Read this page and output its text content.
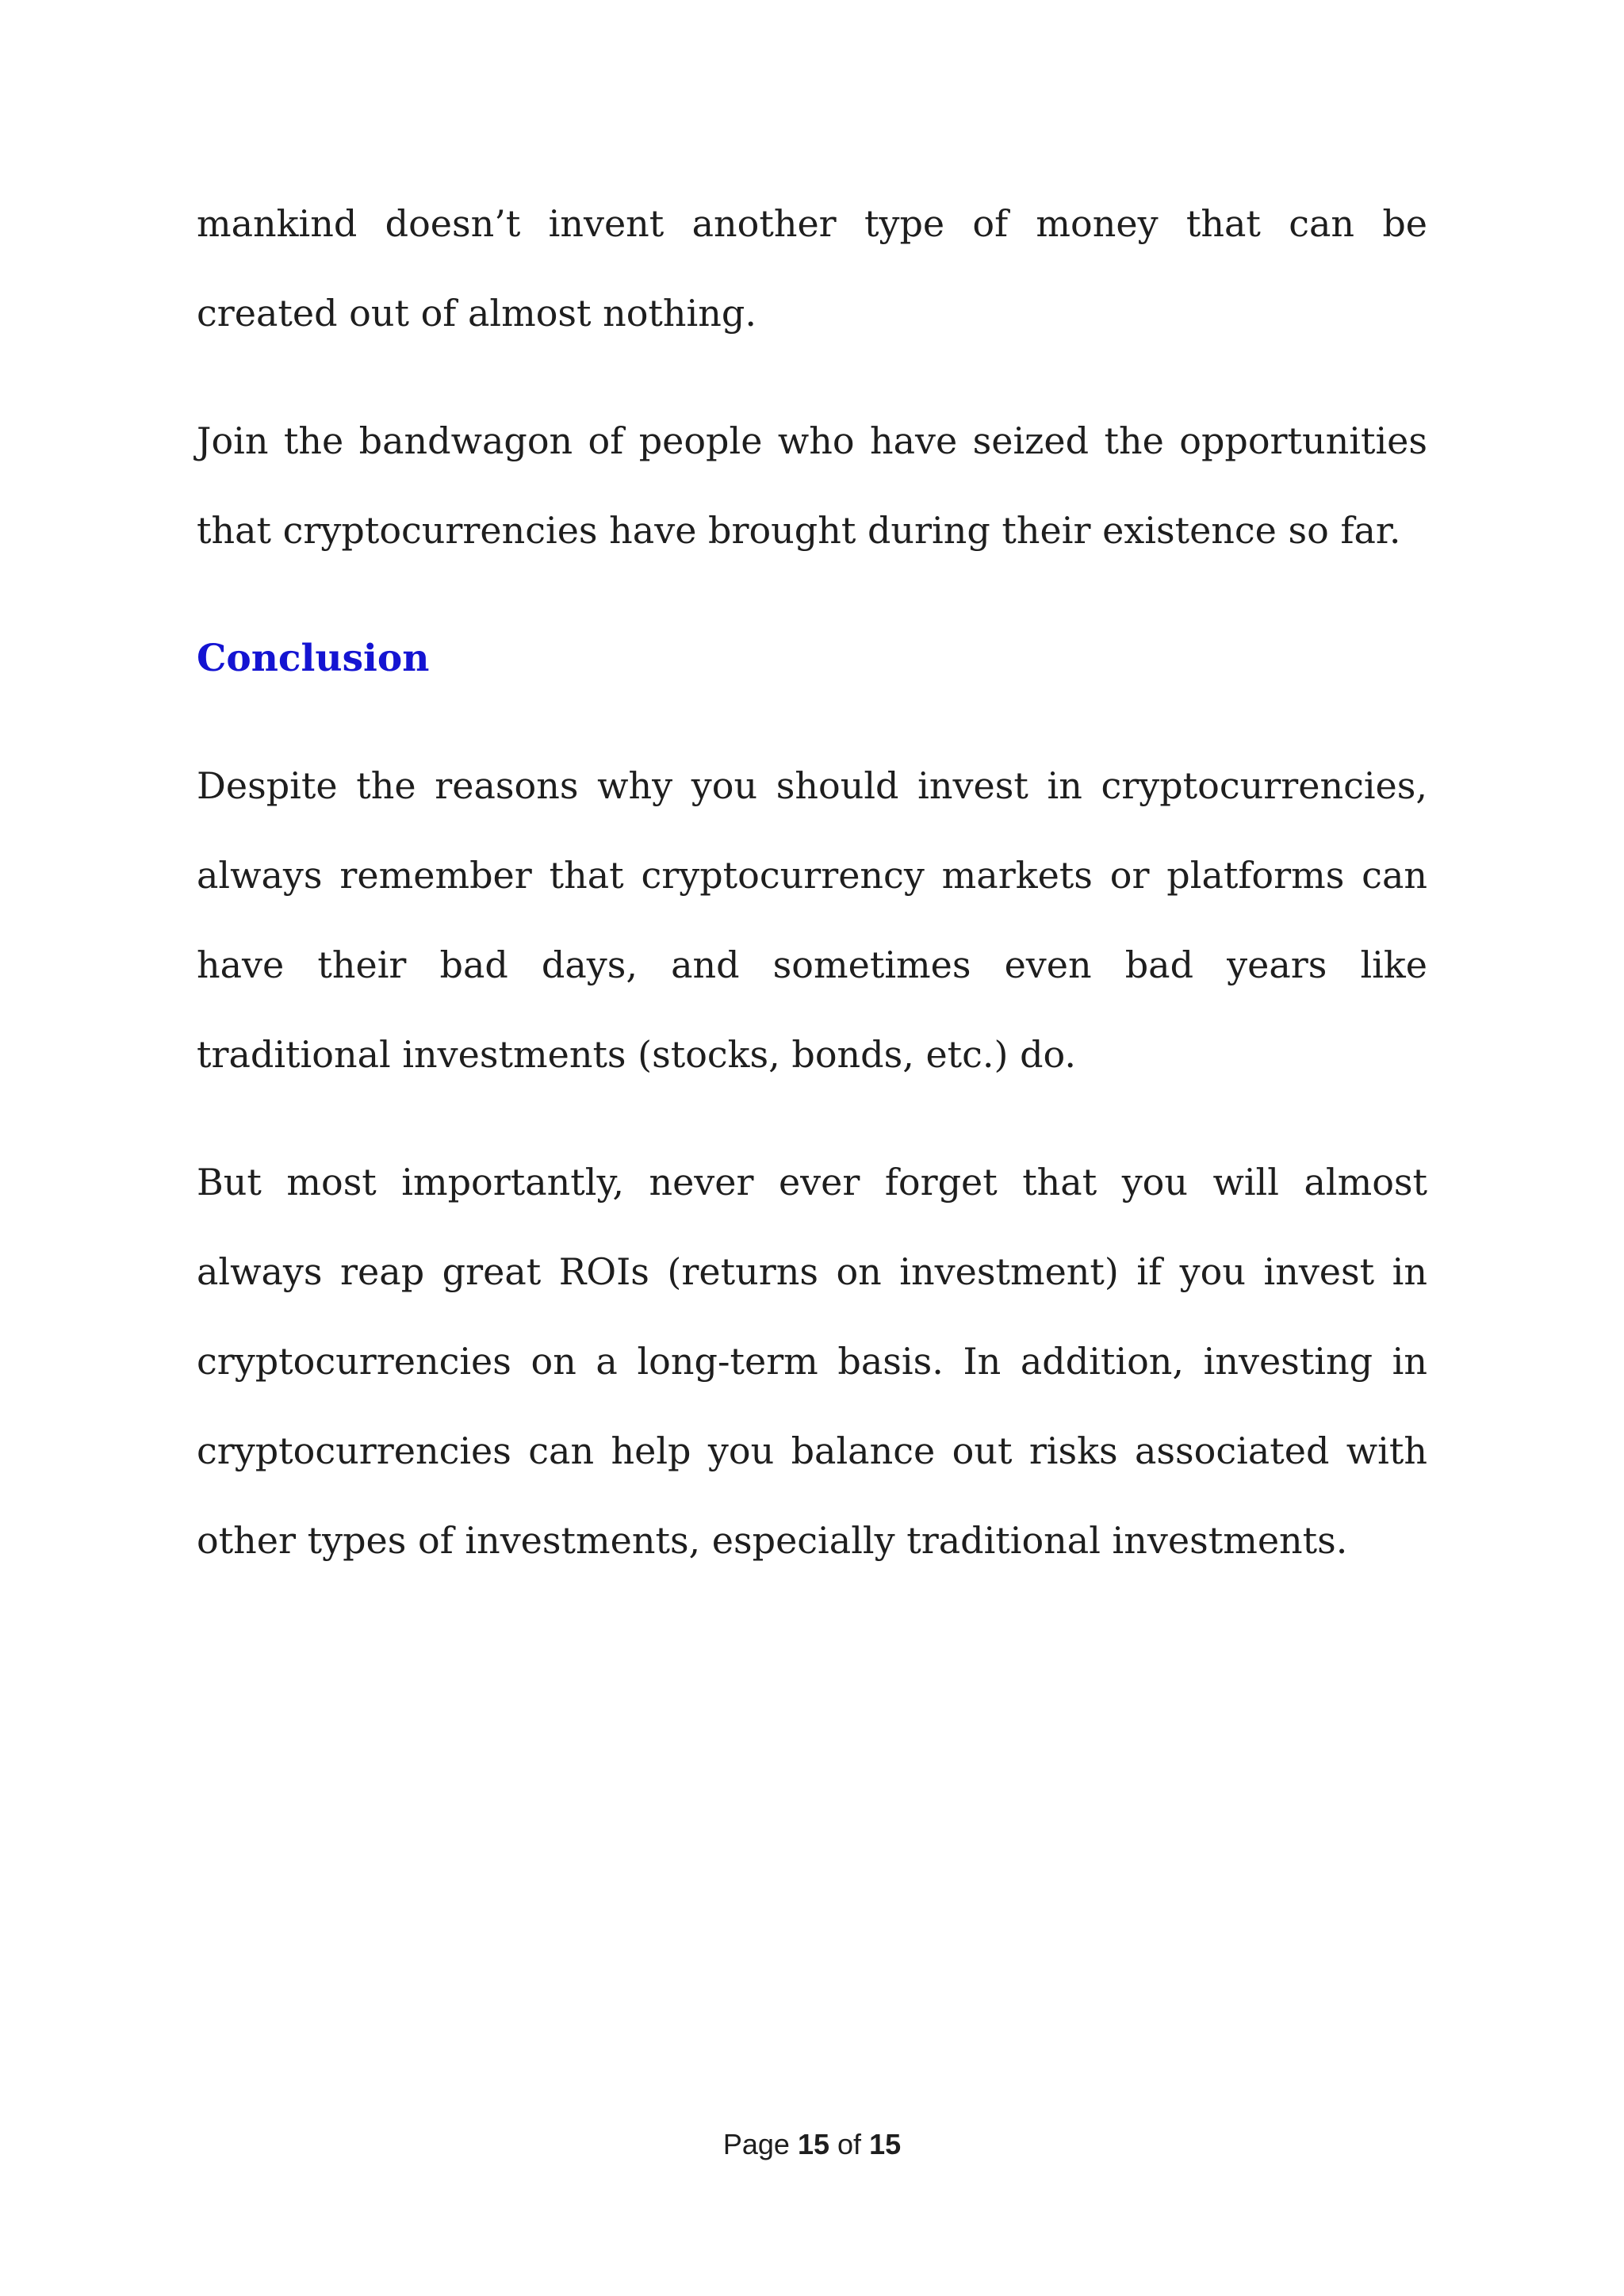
mankind doesn’t invent another type of money that can be created out of almost nothing.

Join the bandwagon of people who have seized the opportunities that cryptocurrencies have brought during their existence so far.

Conclusion

Despite the reasons why you should invest in cryptocurrencies, always remember that cryptocurrency markets or platforms can have their bad days, and sometimes even bad years like traditional investments (stocks, bonds, etc.) do.

But most importantly, never ever forget that you will almost always reap great ROIs (returns on investment) if you invest in cryptocurrencies on a long-term basis. In addition, investing in cryptocurrencies can help you balance out risks associated with other types of investments, especially traditional investments.

Page 15 of 15
